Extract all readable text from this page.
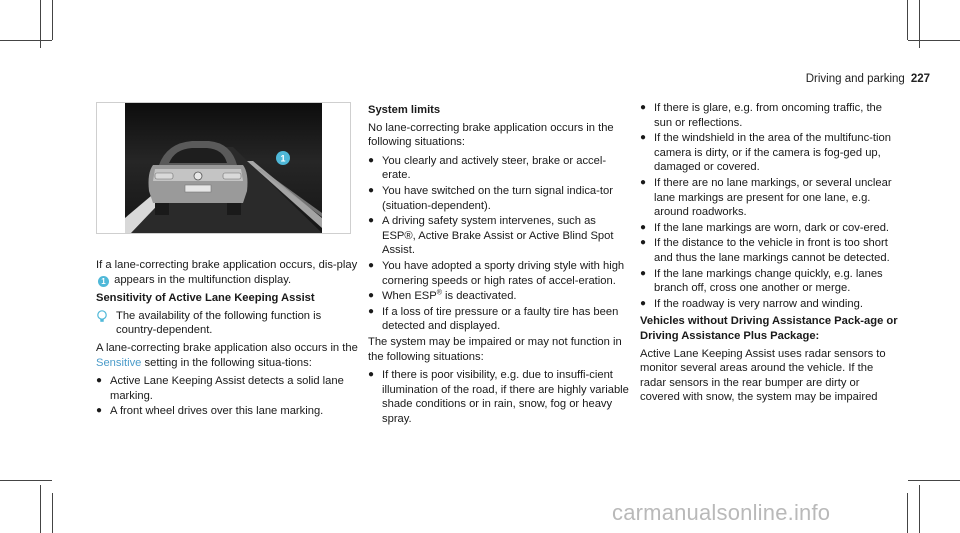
Driving and parking 227
1

If a lane-correcting brake application occurs, dis-play 1 appears in the multifunction display.

Sensitivity of Active Lane Keeping Assist
The availability of the following function is country-dependent.

A lane-correcting brake application also occurs in the Sensitive setting in the following situa-tions:

● Active Lane Keeping Assist detects a solid lane marking.
● A front wheel drives over this lane marking.
System limits

No lane-correcting brake application occurs in the following situations:

● You clearly and actively steer, brake or accel-erate.
● You have switched on the turn signal indica-tor (situation-dependent).
● A driving safety system intervenes, such as ESP®, Active Brake Assist or Active Blind Spot Assist.
● You have adopted a sporty driving style with high cornering speeds or high rates of accel-eration.
● When ESP® is deactivated.
● If a loss of tire pressure or a faulty tire has been detected and displayed.

The system may be impaired or may not function in the following situations:

● If there is poor visibility, e.g. due to insuffi-cient illumination of the road, if there are highly variable shade conditions or in rain, snow, fog or heavy spray.
● If there is glare, e.g. from oncoming traffic, the sun or reflections.
● If the windshield in the area of the multifunc-tion camera is dirty, or if the camera is fog-ged up, damaged or covered.
● If there are no lane markings, or several unclear lane markings are present for one lane, e.g. around roadworks.
● If the lane markings are worn, dark or cov-ered.
● If the distance to the vehicle in front is too short and thus the lane markings cannot be detected.
● If the lane markings change quickly, e.g. lanes branch off, cross one another or merge.
● If the roadway is very narrow and winding.
Vehicles without Driving Assistance Pack-age or Driving Assistance Plus Package:

Active Lane Keeping Assist uses radar sensors to monitor several areas around the vehicle. If the radar sensors in the rear bumper are dirty or covered with snow, the system may be impaired

carmanualsonline.info
